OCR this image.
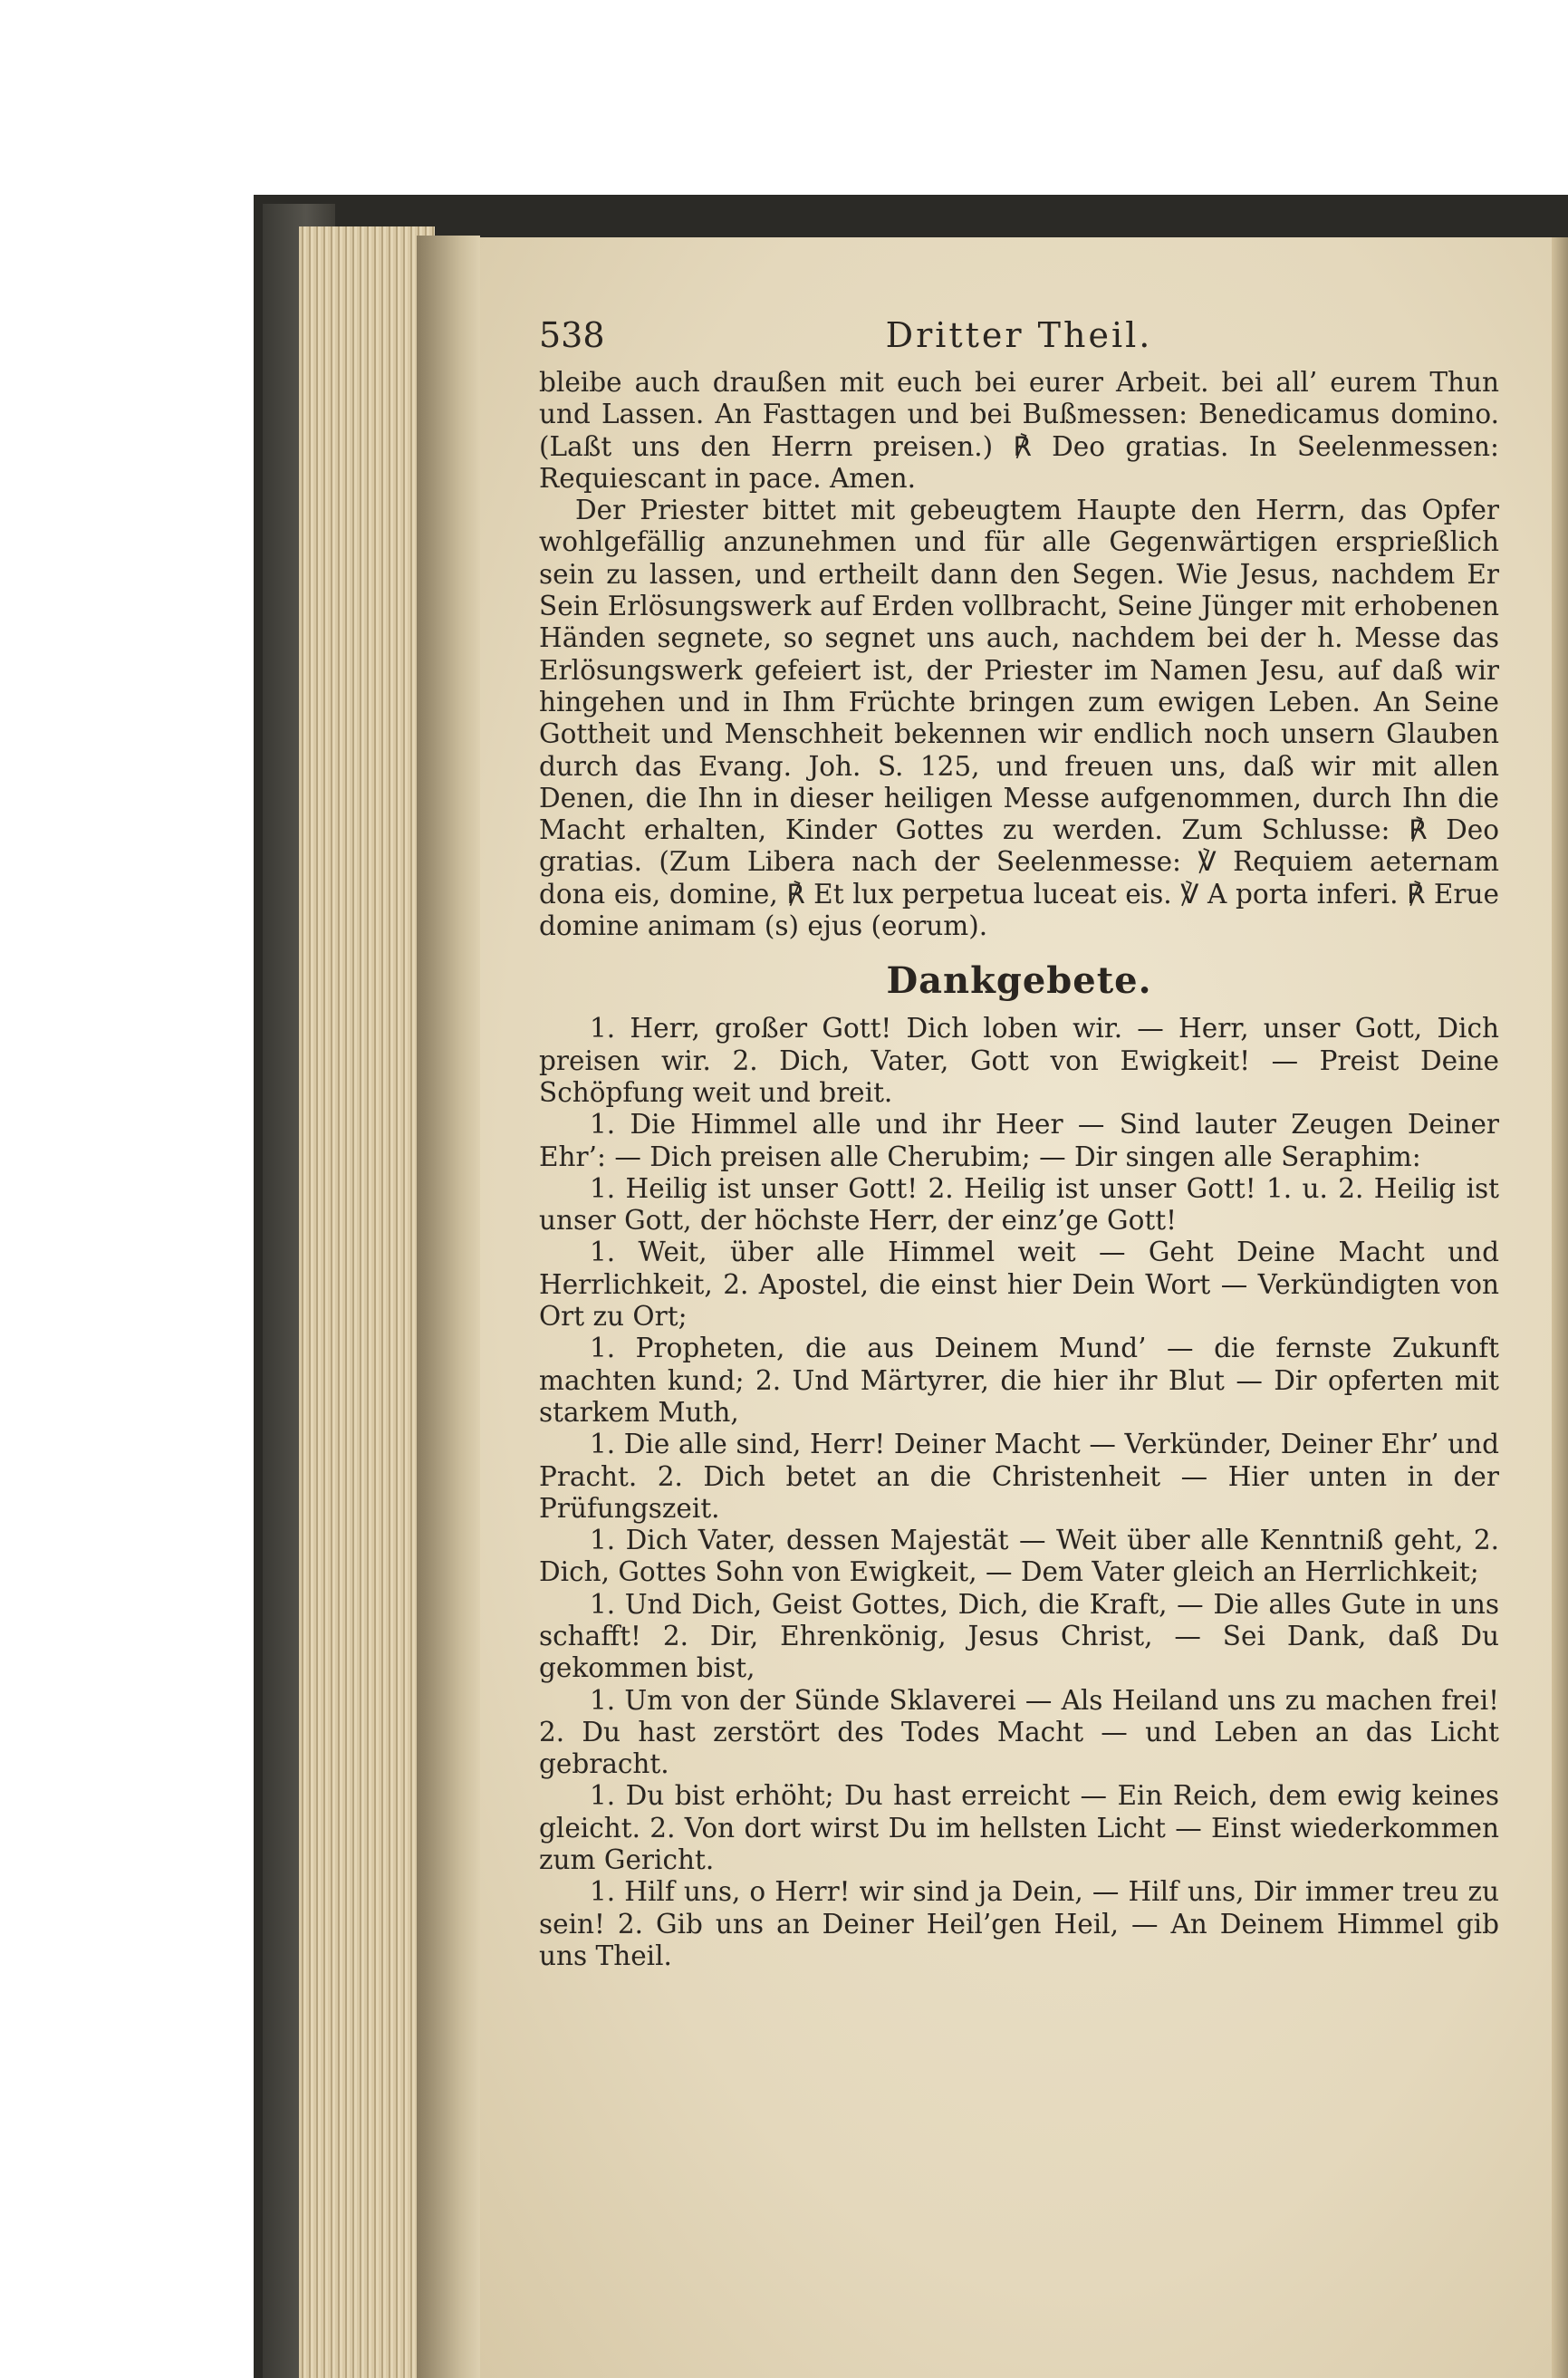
538	Dritter Theil.

bleibe auch draußen mit euch bei eurer Arbeit. bei all’ eurem Thun und Lassen. An Fasttagen und bei Bußmessen: Benedicamus domino. (Laßt uns den Herrn preisen.) ℟ Deo gratias. In Seelenmessen: Requiescant in pace. Amen.

Der Priester bittet mit gebeugtem Haupte den Herrn, das Opfer wohlgefällig anzunehmen und für alle Gegenwärtigen ersprießlich sein zu lassen, und ertheilt dann den Segen. Wie Jesus, nachdem Er Sein Erlösungswerk auf Erden vollbracht, Seine Jünger mit erhobenen Händen segnete, so segnet uns auch, nachdem bei der h. Messe das Erlösungswerk gefeiert ist, der Priester im Namen Jesu, auf daß wir hingehen und in Ihm Früchte bringen zum ewigen Leben. An Seine Gottheit und Menschheit bekennen wir endlich noch unsern Glauben durch das Evang. Joh. S. 125, und freuen uns, daß wir mit allen Denen, die Ihn in dieser heiligen Messe aufgenommen, durch Ihn die Macht erhalten, Kinder Gottes zu werden. Zum Schlusse: ℟ Deo gratias. (Zum Libera nach der Seelenmesse: ℣ Requiem aeternam dona eis, domine, ℟ Et lux perpetua luceat eis. ℣ A porta inferi. ℟ Erue domine animam (s) ejus (eorum).

Dankgebete.

1. Herr, großer Gott! Dich loben wir. — Herr, unser Gott, Dich preisen wir. 2. Dich, Vater, Gott von Ewigkeit! — Preist Deine Schöpfung weit und breit.

1. Die Himmel alle und ihr Heer — Sind lauter Zeugen Deiner Ehr’: — Dich preisen alle Cherubim; — Dir singen alle Seraphim:

1. Heilig ist unser Gott! 2. Heilig ist unser Gott! 1. u. 2. Heilig ist unser Gott, der höchste Herr, der einz’ge Gott!

1. Weit, über alle Himmel weit — Geht Deine Macht und Herrlichkeit, 2. Apostel, die einst hier Dein Wort — Verkündigten von Ort zu Ort;

1. Propheten, die aus Deinem Mund’ — die fernste Zukunft machten kund; 2. Und Märtyrer, die hier ihr Blut — Dir opferten mit starkem Muth,

1. Die alle sind, Herr! Deiner Macht — Verkünder, Deiner Ehr’ und Pracht. 2. Dich betet an die Christenheit — Hier unten in der Prüfungszeit.

1. Dich Vater, dessen Majestät — Weit über alle Kenntniß geht, 2. Dich, Gottes Sohn von Ewigkeit, — Dem Vater gleich an Herrlichkeit;

1. Und Dich, Geist Gottes, Dich, die Kraft, — Die alles Gute in uns schafft! 2. Dir, Ehrenkönig, Jesus Christ, — Sei Dank, daß Du gekommen bist,

1. Um von der Sünde Sklaverei — Als Heiland uns zu machen frei! 2. Du hast zerstört des Todes Macht — und Leben an das Licht gebracht.

1. Du bist erhöht; Du hast erreicht — Ein Reich, dem ewig keines gleicht. 2. Von dort wirst Du im hellsten Licht — Einst wiederkommen zum Gericht.

1. Hilf uns, o Herr! wir sind ja Dein, — Hilf uns, Dir immer treu zu sein! 2. Gib uns an Deiner Heil’gen Heil, — An Deinem Himmel gib uns Theil.
